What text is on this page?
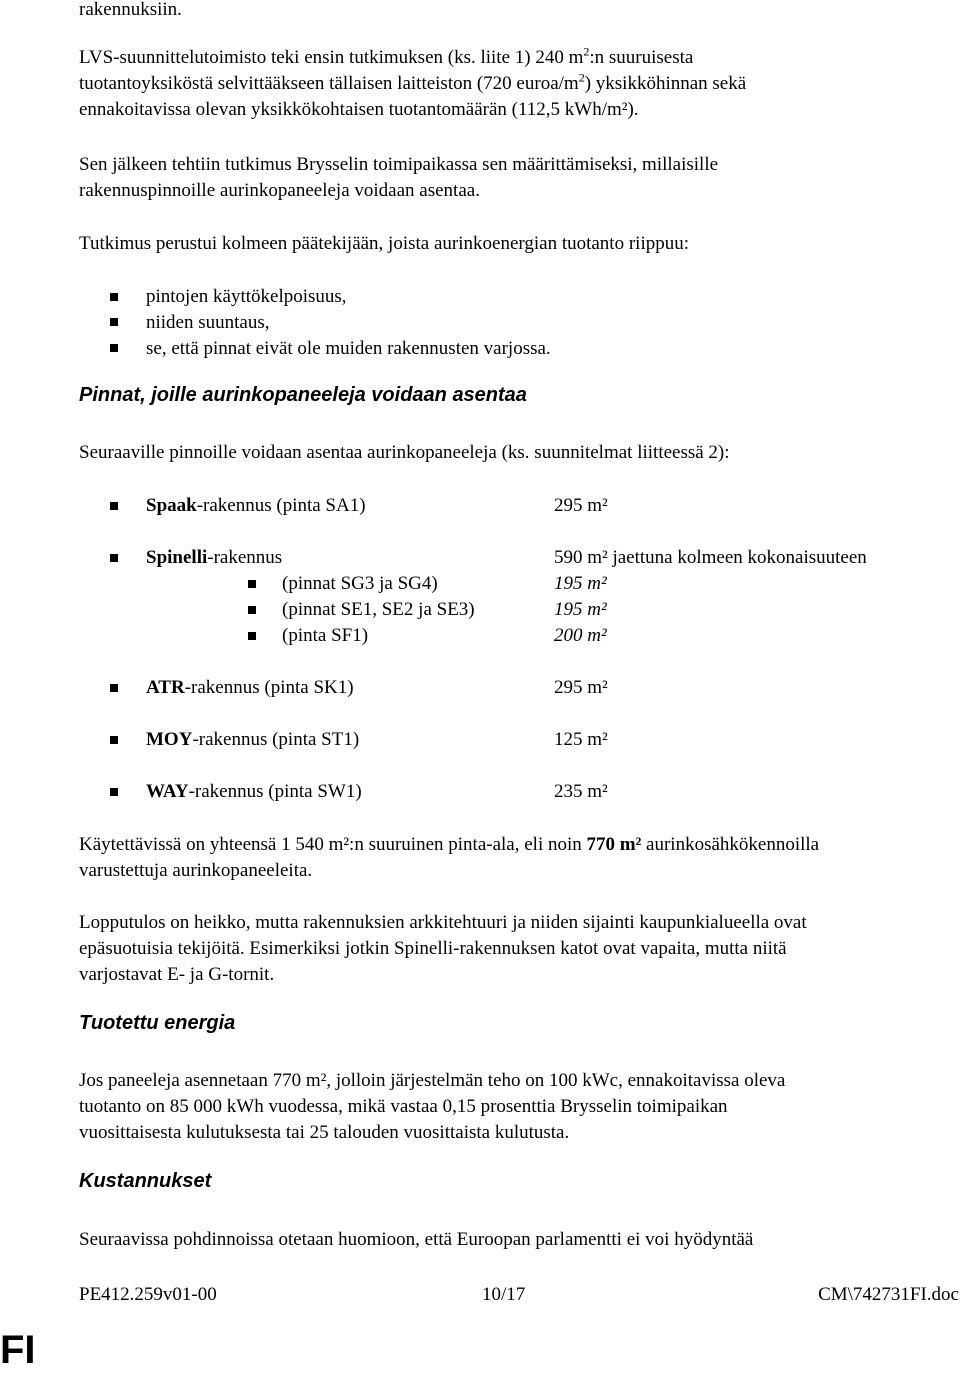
rakennuksiin.
LVS-suunnittelutoimisto teki ensin tutkimuksen (ks. liite 1) 240 $m^2:n$ suuruisesta
tuotantoyksiköstä selvittääkseen tällaisen laitteiston (720 euroa/$m^2$) yksikköhinnan sekä
ennakoitavissa olevan yksikkökohtaisen tuotantomäärän (112,5 kWh/m²).
Sen jälkeen tehtiin tutkimus Brysselin toimipaikassa sen määrittämiseksi, millaisille
rakennuspinnoille aurinkopaneeleja voidaan asentaa.
Tutkimus perustui kolmeen päätekijään, joista aurinkoenergian tuotanto riippuu:
pintojen käyttökelpoisuus,
niiden suuntaus,
se, että pinnat eivät ole muiden rakennusten varjossa.
Pinnat, joille aurinkopaneeleja voidaan asentaa
Seuraaville pinnoille voidaan asentaa aurinkopaneeleja (ks. suunnitelmat liitteessä 2):
Spaak-rakennus (pinta SA1)	295 m²
Spinelli-rakennus	590 m² jaettuna kolmeen kokonaisuuteen
(pinnat SG3 ja SG4)	195 m²
(pinnat SE1, SE2 ja SE3)	195 m²
(pinta SF1)	200 m²
ATR-rakennus (pinta SK1)	295 m²
MOY-rakennus (pinta ST1)	125 m²
WAY-rakennus (pinta SW1)	235 m²
Käytettävissä on yhteensä 1 540 m²:n suuruinen pinta-ala, eli noin 770 m² aurinkosähkökennoilla
varustettuja aurinkopaneeleita.
Lopputulos on heikko, mutta rakennuksien arkkitehtuuri ja niiden sijainti kaupunkialueella ovat
epäsuotuisia tekijöitä. Esimerkiksi jotkin Spinelli-rakennuksen katot ovat vapaita, mutta niitä
varjostavat E- ja G-tornit.
Tuotettu energia
Jos paneeleja asennetaan 770 m², jolloin järjestelmän teho on 100 kWc, ennakoitavissa oleva
tuotanto on 85 000 kWh vuodessa, mikä vastaa 0,15 prosenttia Brysselin toimipaikan
vuosittaisesta kulutuksesta tai 25 talouden vuosittaista kulutusta.
Kustannukset
Seuraavissa pohdinnoissa otetaan huomioon, että Euroopan parlamentti ei voi hyödyntää
PE412.259v01-00	10/17	CM\742731FI.doc
FI
